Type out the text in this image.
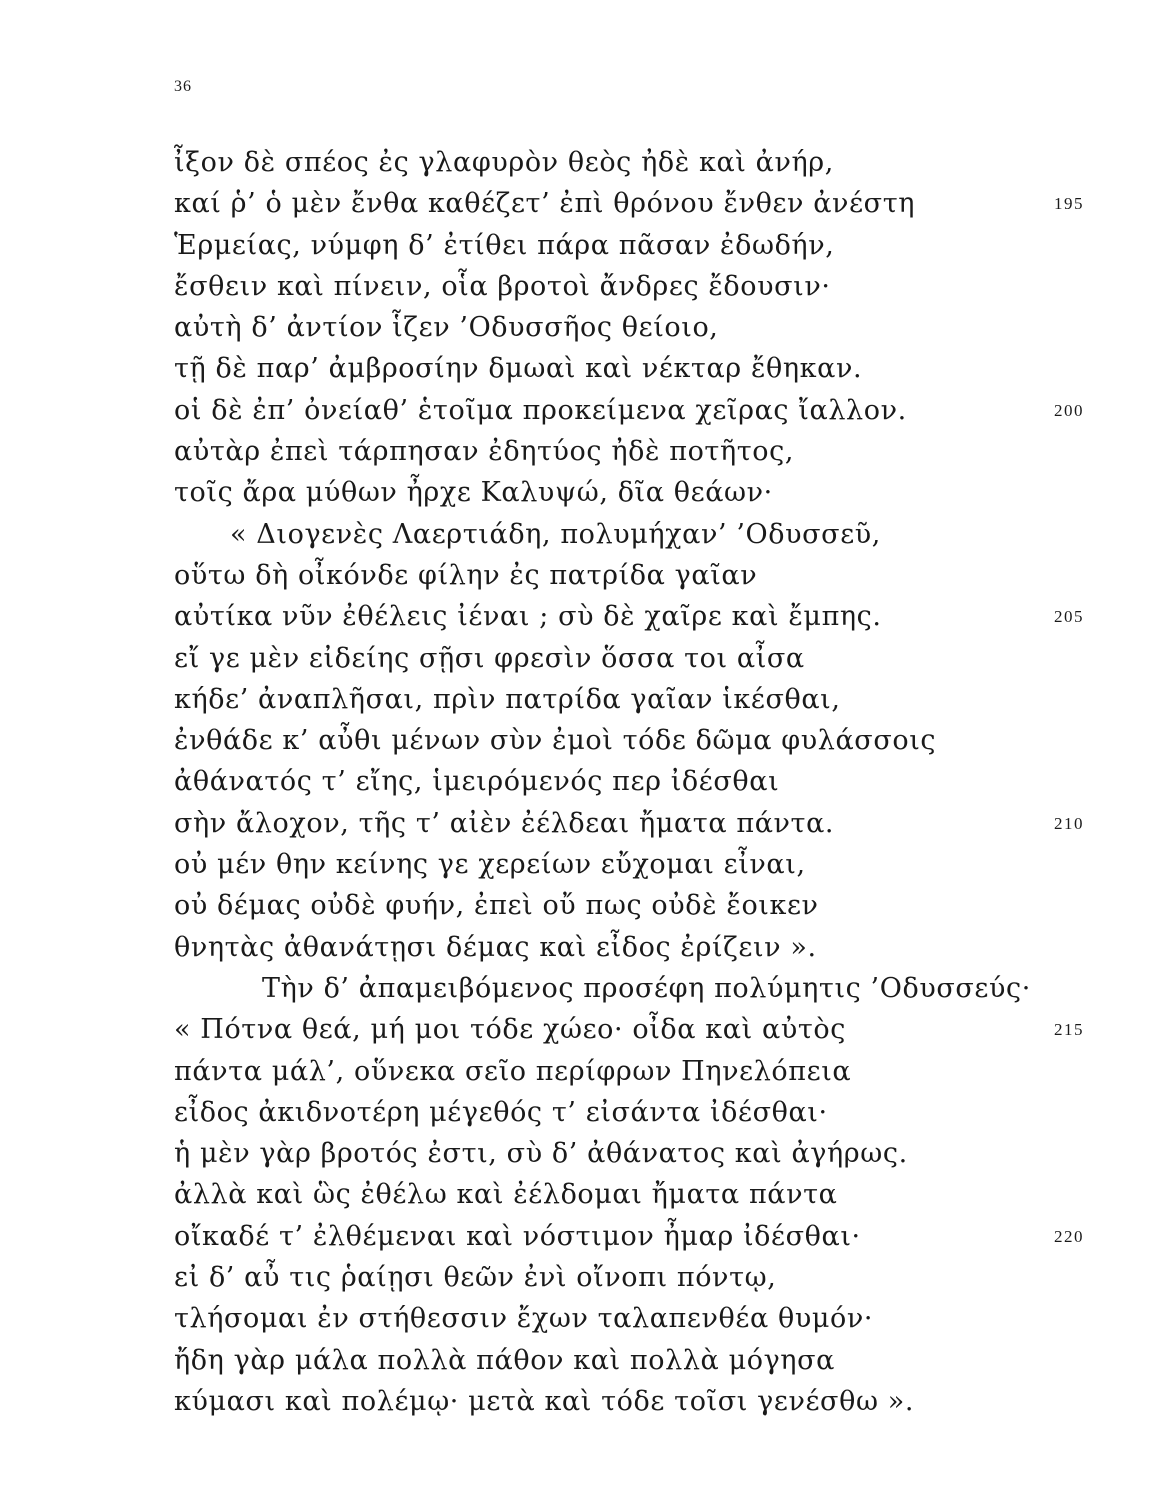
36
ἶξον δὲ σπέος ἐς γλαφυρὸν θεὸς ἠδὲ καὶ ἀνήρ,
καί ῥ’ ὁ μὲν ἔνθα καθέζετ’ ἐπὶ θρόνου ἔνθεν ἀνέστη	195
Ἑρμείας, νύμφη δ’ ἐτίθει πάρα πᾶσαν ἐδωδήν,
ἔσθειν καὶ πίνειν, οἷα βροτοὶ ἄνδρες ἔδουσιν·
αὐτὴ δ’ ἀντίον ἷζεν ’Οδυσσῆος θείοιο,
τῇ δὲ παρ’ ἀμβροσίην δμωαὶ καὶ νέκταρ ἔθηκαν.
οἱ δὲ ἐπ’ ὀνείαθ’ ἑτοῖμα προκείμενα χεῖρας ἴαλλον.	200
αὐτὰρ ἐπεὶ τάρπησαν ἐδητύος ἠδὲ ποτῆτος,
τοῖς ἄρα μύθων ἦρχε Καλυψώ, δῖα θεάων·
« Διογενὲς Λαερτιάδη, πολυμήχαν’ ’Οδυσσεῦ,
οὕτω δὴ οἶκόνδε φίλην ἐς πατρίδα γαῖαν
αὐτίκα νῦν ἐθέλεις ἰέναι ; σὺ δὲ χαῖρε καὶ ἔμπης.	205
εἴ γε μὲν εἰδείης σῇσι φρεσὶν ὅσσα τοι αἶσα
κήδε’ ἀναπλῆσαι, πρὶν πατρίδα γαῖαν ἱκέσθαι,
ἐνθάδε κ’ αὖθι μένων σὺν ἐμοὶ τόδε δῶμα φυλάσσοις
ἀθάνατός τ’ εἴης, ἱμειρόμενός περ ἰδέσθαι
σὴν ἄλοχον, τῆς τ’ αἰὲν ἐέλδεαι ἤματα πάντα.	210
οὐ μέν θην κείνης γε χερείων εὔχομαι εἶναι,
οὐ δέμας οὐδὲ φυήν, ἐπεὶ οὔ πως οὐδὲ ἔοικεν
θνητὰς ἀθανάτῃσι δέμας καὶ εἶδος ἐρίζειν ».
Τὴν δ’ ἀπαμειβόμενος προσέφη πολύμητις ’Οδυσσεύς·
« Πότνα θεά, μή μοι τόδε χώεο· οἶδα καὶ αὐτὸς	215
πάντα μάλ’, οὕνεκα σεῖο περίφρων Πηνελόπεια
εἶδος ἀκιδνοτέρη μέγεθός τ’ εἰσάντα ἰδέσθαι·
ἡ μὲν γὰρ βροτός ἐστι, σὺ δ’ ἀθάνατος καὶ ἀγήρως.
ἀλλὰ καὶ ὣς ἐθέλω καὶ ἐέλδομαι ἤματα πάντα
οἴκαδέ τ’ ἐλθέμεναι καὶ νόστιμον ἦμαρ ἰδέσθαι·	220
εἰ δ’ αὖ τις ῥαίῃσι θεῶν ἐνὶ οἴνοπι πόντῳ,
τλήσομαι ἐν στήθεσσιν ἔχων ταλαπενθέα θυμόν·
ἤδη γὰρ μάλα πολλὰ πάθον καὶ πολλὰ μόγησα
κύμασι καὶ πολέμῳ· μετὰ καὶ τόδε τοῖσι γενέσθω ».
